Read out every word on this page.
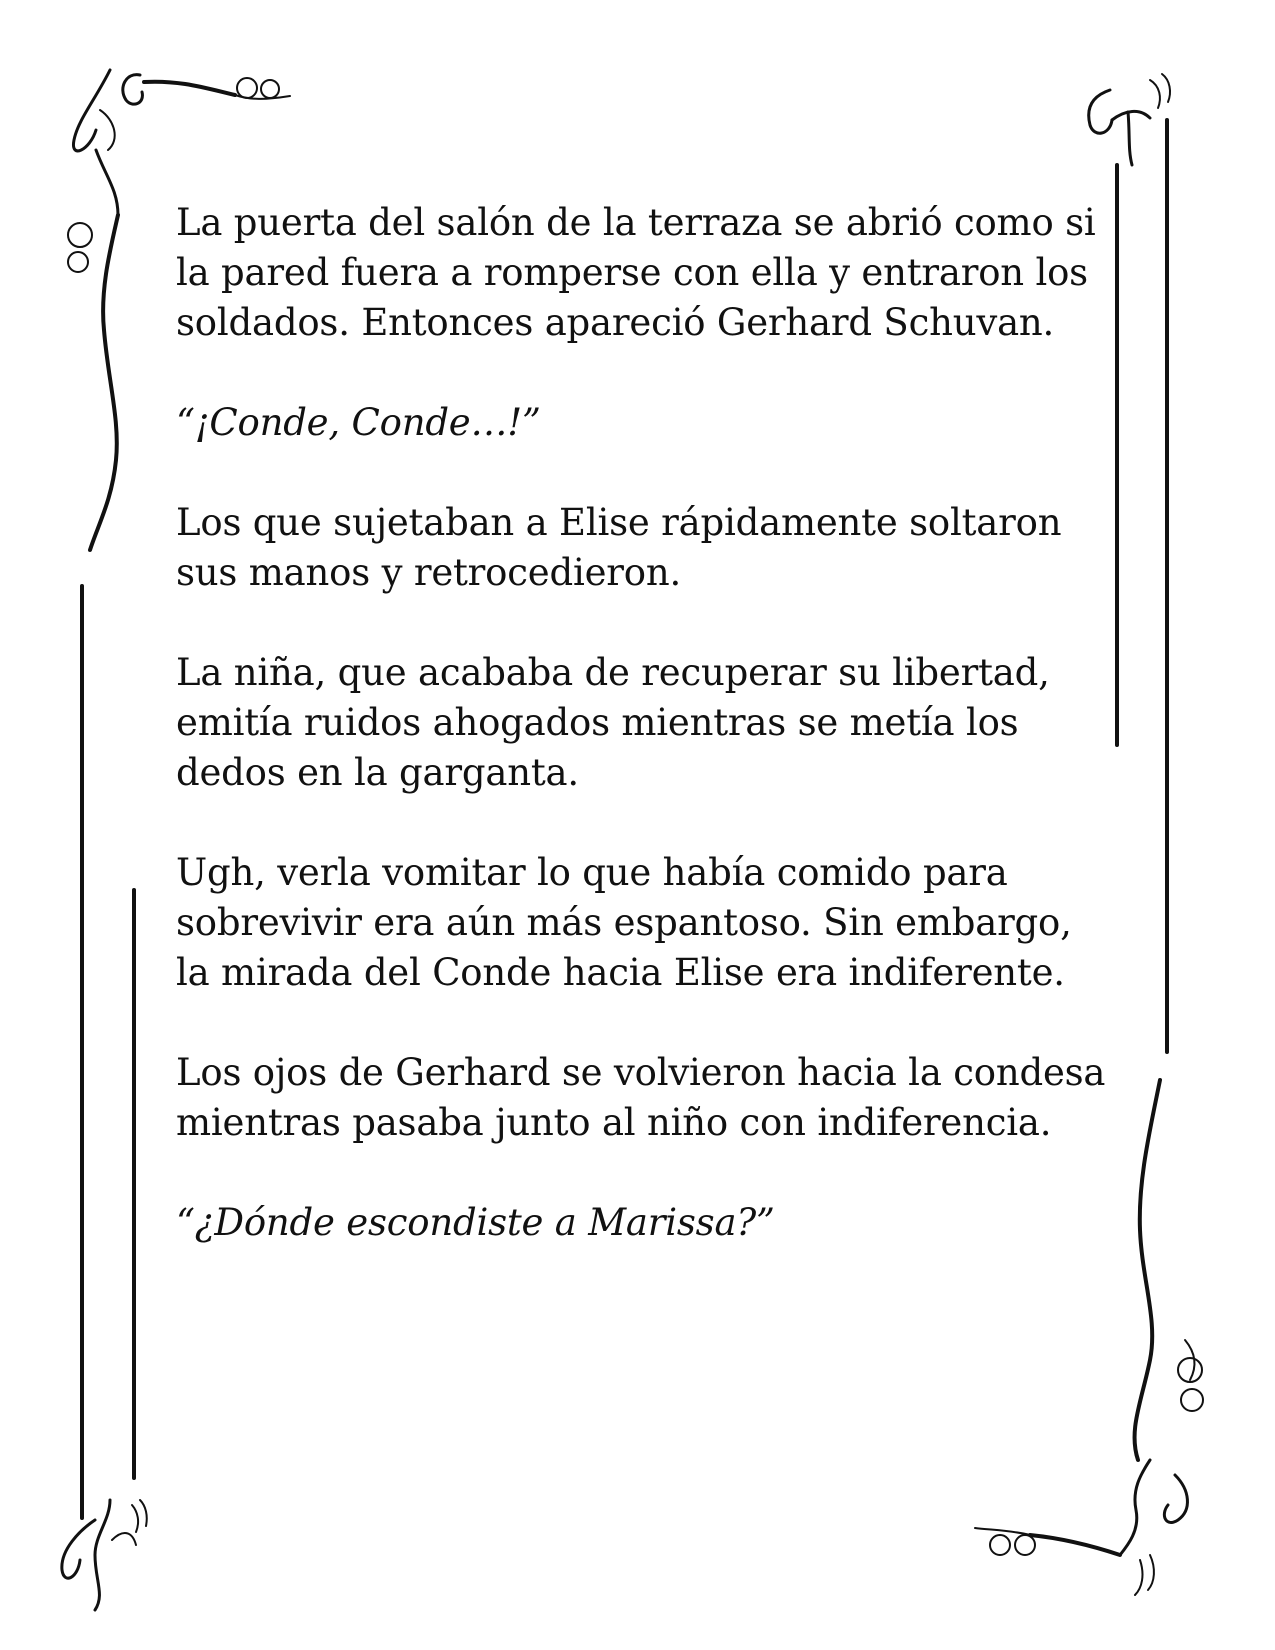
La puerta del salón de la terraza se abrió como si la pared fuera a romperse con ella y entraron los soldados. Entonces apareció Gerhard Schuvan.

“¡Conde, Conde…!”

Los que sujetaban a Elise rápidamente soltaron sus manos y retrocedieron.

La niña, que acababa de recuperar su libertad, emitía ruidos ahogados mientras se metía los dedos en la garganta.

Ugh, verla vomitar lo que había comido para sobrevivir era aún más espantoso. Sin embargo, la mirada del Conde hacia Elise era indiferente.

Los ojos de Gerhard se volvieron hacia la condesa mientras pasaba junto al niño con indiferencia.

“¿Dónde escondiste a Marissa?”
